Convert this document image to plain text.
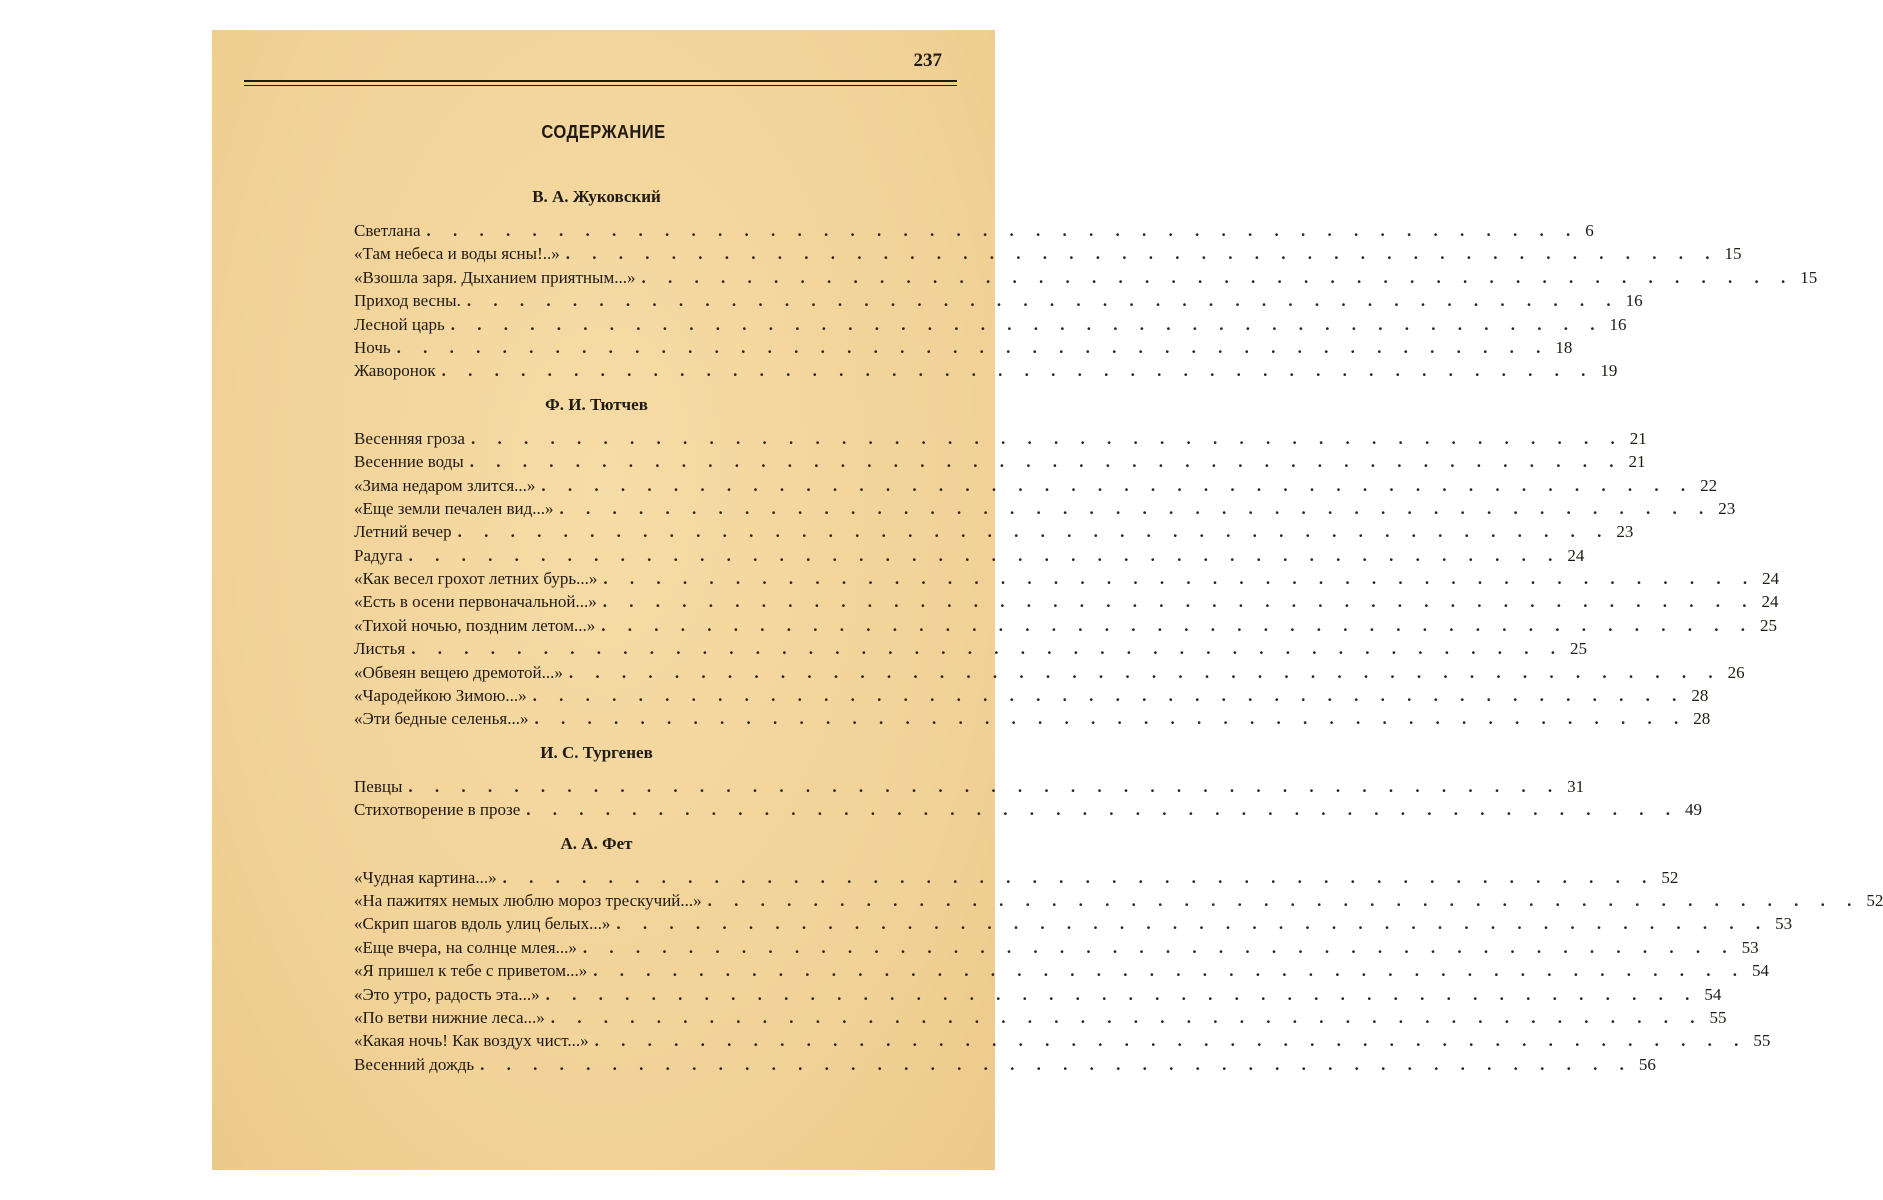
237
СОДЕРЖАНИЕ
В. А. Жуковский
Светлана . . . . . . . . . . . . . . . . . . . . . . . . . . . . . . . . . . . . . . . . . . . . 6
«Там небеса и воды ясны!..» . . . . . . . . . . . . . . . . . . . . . . . . . . . . . . . . . . . . . . . . . . . . 15
«Взошла заря. Дыханием приятным...» . . . . . . . . . . . . . . . . . . . . . . . . . . . . . . . . . . . . . . . . . . . . 15
Приход весны. . . . . . . . . . . . . . . . . . . . . . . . . . . . . . . . . . . . . . . . . . . . . 16
Лесной царь . . . . . . . . . . . . . . . . . . . . . . . . . . . . . . . . . . . . . . . . . . . . 16
Ночь . . . . . . . . . . . . . . . . . . . . . . . . . . . . . . . . . . . . . . . . . . . . 18
Жаворонок . . . . . . . . . . . . . . . . . . . . . . . . . . . . . . . . . . . . . . . . . . . . 19
Ф. И. Тютчев
Весенняя гроза . . . . . . . . . . . . . . . . . . . . . . . . . . . . . . . . . . . . . . . . . . . . 21
Весенние воды . . . . . . . . . . . . . . . . . . . . . . . . . . . . . . . . . . . . . . . . . . . . 21
«Зима недаром злится...» . . . . . . . . . . . . . . . . . . . . . . . . . . . . . . . . . . . . . . . . . . . . 22
«Еще земли печален вид...» . . . . . . . . . . . . . . . . . . . . . . . . . . . . . . . . . . . . . . . . . . . . 23
Летний вечер . . . . . . . . . . . . . . . . . . . . . . . . . . . . . . . . . . . . . . . . . . . . 23
Радуга . . . . . . . . . . . . . . . . . . . . . . . . . . . . . . . . . . . . . . . . . . . . 24
«Как весел грохот летних бурь...» . . . . . . . . . . . . . . . . . . . . . . . . . . . . . . . . . . . . . . . . . . . . 24
«Есть в осени первоначальной...» . . . . . . . . . . . . . . . . . . . . . . . . . . . . . . . . . . . . . . . . . . . . 24
«Тихой ночью, поздним летом...» . . . . . . . . . . . . . . . . . . . . . . . . . . . . . . . . . . . . . . . . . . . . 25
Листья . . . . . . . . . . . . . . . . . . . . . . . . . . . . . . . . . . . . . . . . . . . . 25
«Обвеян вещею дремотой...» . . . . . . . . . . . . . . . . . . . . . . . . . . . . . . . . . . . . . . . . . . . . 26
«Чародейкою Зимою...» . . . . . . . . . . . . . . . . . . . . . . . . . . . . . . . . . . . . . . . . . . . . 28
«Эти бедные селенья...» . . . . . . . . . . . . . . . . . . . . . . . . . . . . . . . . . . . . . . . . . . . . 28
И. С. Тургенев
Певцы . . . . . . . . . . . . . . . . . . . . . . . . . . . . . . . . . . . . . . . . . . . . 31
Стихотворение в прозе . . . . . . . . . . . . . . . . . . . . . . . . . . . . . . . . . . . . . . . . . . . . 49
А. А. Фет
«Чудная картина...» . . . . . . . . . . . . . . . . . . . . . . . . . . . . . . . . . . . . . . . . . . . . 52
«На пажитях немых люблю мороз трескучий...» . . . . . . . . . . . . . . . . . . . . . . . . . . . . . . . . . . . . . . . . . . . . 52
«Скрип шагов вдоль улиц белых...» . . . . . . . . . . . . . . . . . . . . . . . . . . . . . . . . . . . . . . . . . . . . 53
«Еще вчера, на солнце млея...» . . . . . . . . . . . . . . . . . . . . . . . . . . . . . . . . . . . . . . . . . . . . 53
«Я пришел к тебе с приветом...» . . . . . . . . . . . . . . . . . . . . . . . . . . . . . . . . . . . . . . . . . . . . 54
«Это утро, радость эта...» . . . . . . . . . . . . . . . . . . . . . . . . . . . . . . . . . . . . . . . . . . . . 54
«По ветви нижние леса...» . . . . . . . . . . . . . . . . . . . . . . . . . . . . . . . . . . . . . . . . . . . . 55
«Какая ночь! Как воздух чист...» . . . . . . . . . . . . . . . . . . . . . . . . . . . . . . . . . . . . . . . . . . . . 55
Весенний дождь . . . . . . . . . . . . . . . . . . . . . . . . . . . . . . . . . . . . . . . . . . . . 56
